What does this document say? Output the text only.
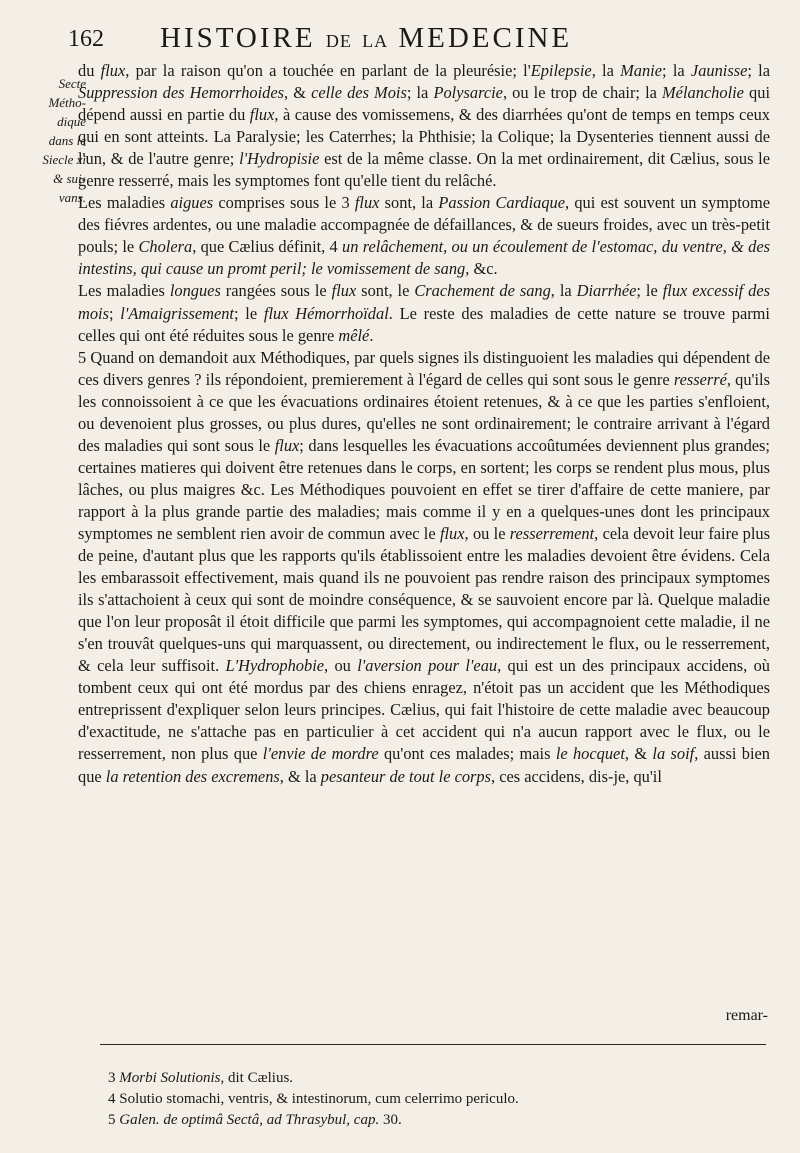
162 HISTOIRE DE LA MEDECINE
Secte
Métho-
dique
dans le
Siecle xi
& sui-
vans.

du flux, par la raison qu'on a touchée en parlant de la pleurésie; l'Epilepsie, la Manie; la Jaunisse; la Suppression des Hemorrhoides, & celle des Mois; la Polysarcie, ou le trop de chair; la Mélancholie qui dépend aussi en partie du flux, à cause des vomissemens, & des diarrhées qu'ont de temps en temps ceux qui en sont atteints. La Paralysie; les Caterrhes; la Phthisie; la Colique; la Dysenteries tiennent aussi de l'un, & de l'autre genre; l'Hydropisie est de la même classe. On la met ordinairement, dit Cælius, sous le genre resserré, mais les symptomes font qu'elle tient du relâché.

Les maladies aigues comprises sous le 3 flux sont, la Passion Cardiaque, qui est souvent un symptome des fiévres ardentes, ou une maladie accompagnée de défaillances, & de sueurs froides, avec un très-petit pouls; le Cholera, que Cælius définit, 4 un relâchement, ou un écoulement de l'estomac, du ventre, & des intestins, qui cause un promt peril; le vomissement de sang, &c.

Les maladies longues rangées sous le flux sont, le Crachement de sang, la Diarrhée; le flux excessif des mois; l'Amaigrissement; le flux Hémorrhoïdal. Le reste des maladies de cette nature se trouve parmi celles qui ont été réduites sous le genre mêlé.

5 Quand on demandoit aux Méthodiques, par quels signes ils distinguoient les maladies qui dépendent de ces divers genres ? ils répondoient, premierement à l'égard de celles qui sont sous le genre resserré, qu'ils les connoissoient à ce que les évacuations ordinaires étoient retenues, & à ce que les parties s'enfloient, ou devenoient plus grosses, ou plus dures, qu'elles ne sont ordinairement; le contraire arrivant à l'égard des maladies qui sont sous le flux; dans lesquelles les évacuations accoûtumées deviennent plus grandes; certaines matieres qui doivent être retenues dans le corps, en sortent; les corps se rendent plus mous, plus lâches, ou plus maigres &c. Les Méthodiques pouvoient en effet se tirer d'affaire de cette maniere, par rapport à la plus grande partie des maladies; mais comme il y en a quelques-unes dont les principaux symptomes ne semblent rien avoir de commun avec le flux, ou le resserrement, cela devoit leur faire plus de peine, d'autant plus que les rapports qu'ils établissoient entre les maladies devoient être évidens. Cela les embarassoit effectivement, mais quand ils ne pouvoient pas rendre raison des principaux symptomes ils s'attachoient à ceux qui sont de moindre conséquence, & se sauvoient encore par là. Quelque maladie que l'on leur proposât il étoit difficile que parmi les symptomes, qui accompagnoient cette maladie, il ne s'en trouvât quelques-uns qui marquassent, ou directement, ou indirectement le flux, ou le resserrement, & cela leur suffisoit. L'Hydrophobie, ou l'aversion pour l'eau, qui est un des principaux accidens, où tombent ceux qui ont été mordus par des chiens enragez, n'étoit pas un accident que les Méthodiques entreprissent d'expliquer selon leurs principes. Cælius, qui fait l'histoire de cette maladie avec beaucoup d'exactitude, ne s'attache pas en particulier à cet accident qui n'a aucun rapport avec le flux, ou le resserrement, non plus que l'envie de mordre qu'ont ces malades; mais le hocquet, & la soif, aussi bien que la retention des excremens, & la pesanteur de tout le corps, ces accidens, dis-je, qu'il

remar-
3 Morbi Solutionis, dit Cælius.
4 Solutio stomachi, ventris, & intestinorum, cum celerrimo periculo.
5 Galen. de optimâ Sectâ, ad Thrasybul, cap. 30.
